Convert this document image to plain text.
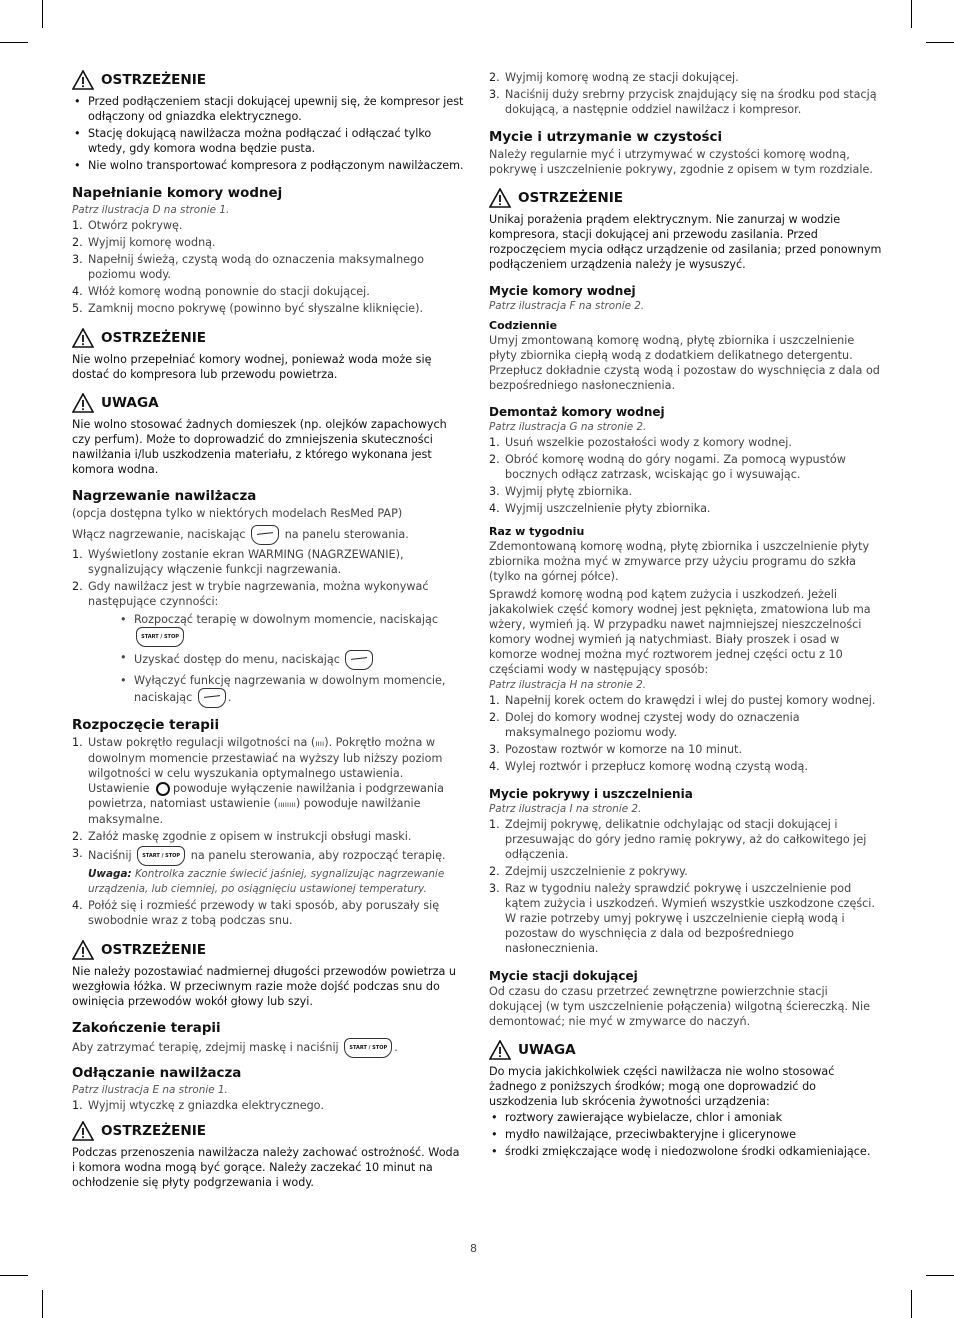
OSTRZEŻENIE
• Przed podłączeniem stacji dokującej upewnij się, że kompresor jest odłączony od gniazdka elektrycznego.
• Stację dokującą nawilżacza można podłączać i odłączać tylko wtedy, gdy komora wodna będzie pusta.
• Nie wolno transportować kompresora z podłączonym nawilżaczem.
Napełnianie komory wodnej

Patrz ilustracja D na stronie 1.

1. Otwórz pokrywę.
2. Wyjmij komorę wodną.
3. Napełnij świeżą, czystą wodą do oznaczenia maksymalnego poziomu wody.
4. Włóż komorę wodną ponownie do stacji dokującej.
5. Zamknij mocno pokrywę (powinno być słyszalne kliknięcie).
OSTRZEŻENIE

Nie wolno przepełniać komory wodnej, ponieważ woda może się dostać do kompresora lub przewodu powietrza.

UWAGA

Nie wolno stosować żadnych domieszek (np. olejków zapachowych czy perfum). Może to doprowadzić do zmniejszenia skuteczności nawilżania i/lub uszkodzenia materiału, z którego wykonana jest komora wodna.

Nagrzewanie nawilżacza

(opcja dostępna tylko w niektórych modelach ResMed PAP)

Włącz nagrzewanie, naciskając	na panelu sterowania.

1. Wyświetlony zostanie ekran WARMING (NAGRZEWANIE), sygnalizujący włączenie funkcji nagrzewania.
2. Gdy nawilżacz jest w trybie nagrzewania, można wykonywać następujące czynności:
• Rozpocząć terapię w dowolnym momencie, naciskając START / STOP
• Uzyskać dostęp do menu, naciskając
• Wyłączyć funkcję nagrzewania w dowolnym momencie, naciskając	.
Rozpoczęcie terapii
1. Ustaw pokrętło regulacji wilgotności na (ıııı). Pokrętło można w dowolnym momencie przestawiać na wyższy lub niższy poziom wilgotności w celu wyszukania optymalnego ustawienia. Ustawienie powoduje wyłączenie nawilżania i podgrzewania powietrza, natomiast ustawienie (ıııııııı) powoduje nawilżanie maksymalne.
2. Załóż maskę zgodnie z opisem w instrukcji obsługi maski.
3. Naciśnij START / STOP na panelu sterowania, aby rozpocząć terapię.
Uwaga: Kontrolka zacznie świecić jaśniej, sygnalizując nagrzewanie urządzenia, lub ciemniej, po osiągnięciu ustawionej temperatury.
4. Połóż się i rozmieść przewody w taki sposób, aby poruszały się swobodnie wraz z tobą podczas snu.
OSTRZEŻENIE

Nie należy pozostawiać nadmiernej długości przewodów powietrza u wezgłowia łóżka. W przeciwnym razie może dojść podczas snu do owinięcia przewodów wokół głowy lub szyi.

Zakończenie terapii

Aby zatrzymać terapię, zdejmij maskę i naciśnij START / STOP .

Odłączanie nawilżacza

Patrz ilustracja E na stronie 1.

1. Wyjmij wtyczkę z gniazdka elektrycznego.
OSTRZEŻENIE

Podczas przenoszenia nawilżacza należy zachować ostrożność. Woda i komora wodna mogą być gorące. Należy zaczekać 10 minut na ochłodzenie się płyty podgrzewania i wody.

2. Wyjmij komorę wodną ze stacji dokującej.
3. Naciśnij duży srebrny przycisk znajdujący się na środku pod stacją dokującą, a następnie oddziel nawilżacz i kompresor.
Mycie i utrzymanie w czystości

Należy regularnie myć i utrzymywać w czystości komorę wodną, pokrywę i uszczelnienie pokrywy, zgodnie z opisem w tym rozdziale.

OSTRZEŻENIE

Unikaj porażenia prądem elektrycznym. Nie zanurzaj w wodzie kompresora, stacji dokującej ani przewodu zasilania. Przed rozpoczęciem mycia odłącz urządzenie od zasilania; przed ponownym podłączeniem urządzenia należy je wysuszyć.

Mycie komory wodnej

Patrz ilustracja F na stronie 2.

Codziennie

Umyj zmontowaną komorę wodną, płytę zbiornika i uszczelnienie płyty zbiornika ciepłą wodą z dodatkiem delikatnego detergentu. Przepłucz dokładnie czystą wodą i pozostaw do wyschnięcia z dala od bezpośredniego nasłonecznienia.

Demontaż komory wodnej

Patrz ilustracja G na stronie 2.

1. Usuń wszelkie pozostałości wody z komory wodnej.
2. Obróć komorę wodną do góry nogami. Za pomocą wypustów bocznych odłącz zatrzask, wciskając go i wysuwając.
3. Wyjmij płytę zbiornika.
4. Wyjmij uszczelnienie płyty zbiornika.

Raz w tygodniu

Zdemontowaną komorę wodną, płytę zbiornika i uszczelnienie płyty zbiornika można myć w zmywarce przy użyciu programu do szkła (tylko na górnej półce).

Sprawdź komorę wodną pod kątem zużycia i uszkodzeń. Jeżeli jakakolwiek część komory wodnej jest pęknięta, zmatowiona lub ma wżery, wymień ją. W przypadku nawet najmniejszej nieszczelności komory wodnej wymień ją natychmiast. Biały proszek i osad w komorze wodnej można myć roztworem jednej części octu z 10 częściami wody w następujący sposób:

Patrz ilustracja H na stronie 2.

1. Napełnij korek octem do krawędzi i wlej do pustej komory wodnej.
2. Dolej do komory wodnej czystej wody do oznaczenia maksymalnego poziomu wody.
3. Pozostaw roztwór w komorze na 10 minut.
4. Wylej roztwór i przepłucz komorę wodną czystą wodą.

Mycie pokrywy i uszczelnienia

Patrz ilustracja I na stronie 2.

1. Zdejmij pokrywę, delikatnie odchylając od stacji dokującej i przesuwając do góry jedno ramię pokrywy, aż do całkowitego jej odłączenia.
2. Zdejmij uszczelnienie z pokrywy.
3. Raz w tygodniu należy sprawdzić pokrywę i uszczelnienie pod kątem zużycia i uszkodzeń. Wymień wszystkie uszkodzone części. W razie potrzeby umyj pokrywę i uszczelnienie ciepłą wodą i pozostaw do wyschnięcia z dala od bezpośredniego nasłonecznienia.

Mycie stacji dokującej

Od czasu do czasu przetrzeć zewnętrzne powierzchnie stacji dokującej (w tym uszczelnienie połączenia) wilgotną ściereczką. Nie demontować; nie myć w zmywarce do naczyń.

UWAGA

Do mycia jakichkolwiek części nawilżacza nie wolno stosować żadnego z poniższych środków; mogą one doprowadzić do uszkodzenia lub skrócenia żywotności urządzenia:

• roztwory zawierające wybielacze, chlor i amoniak
• mydło nawilżające, przeciwbakteryjne i glicerynowe
• środki zmiękczające wodę i niedozwolone środki odkamieniające.
8
